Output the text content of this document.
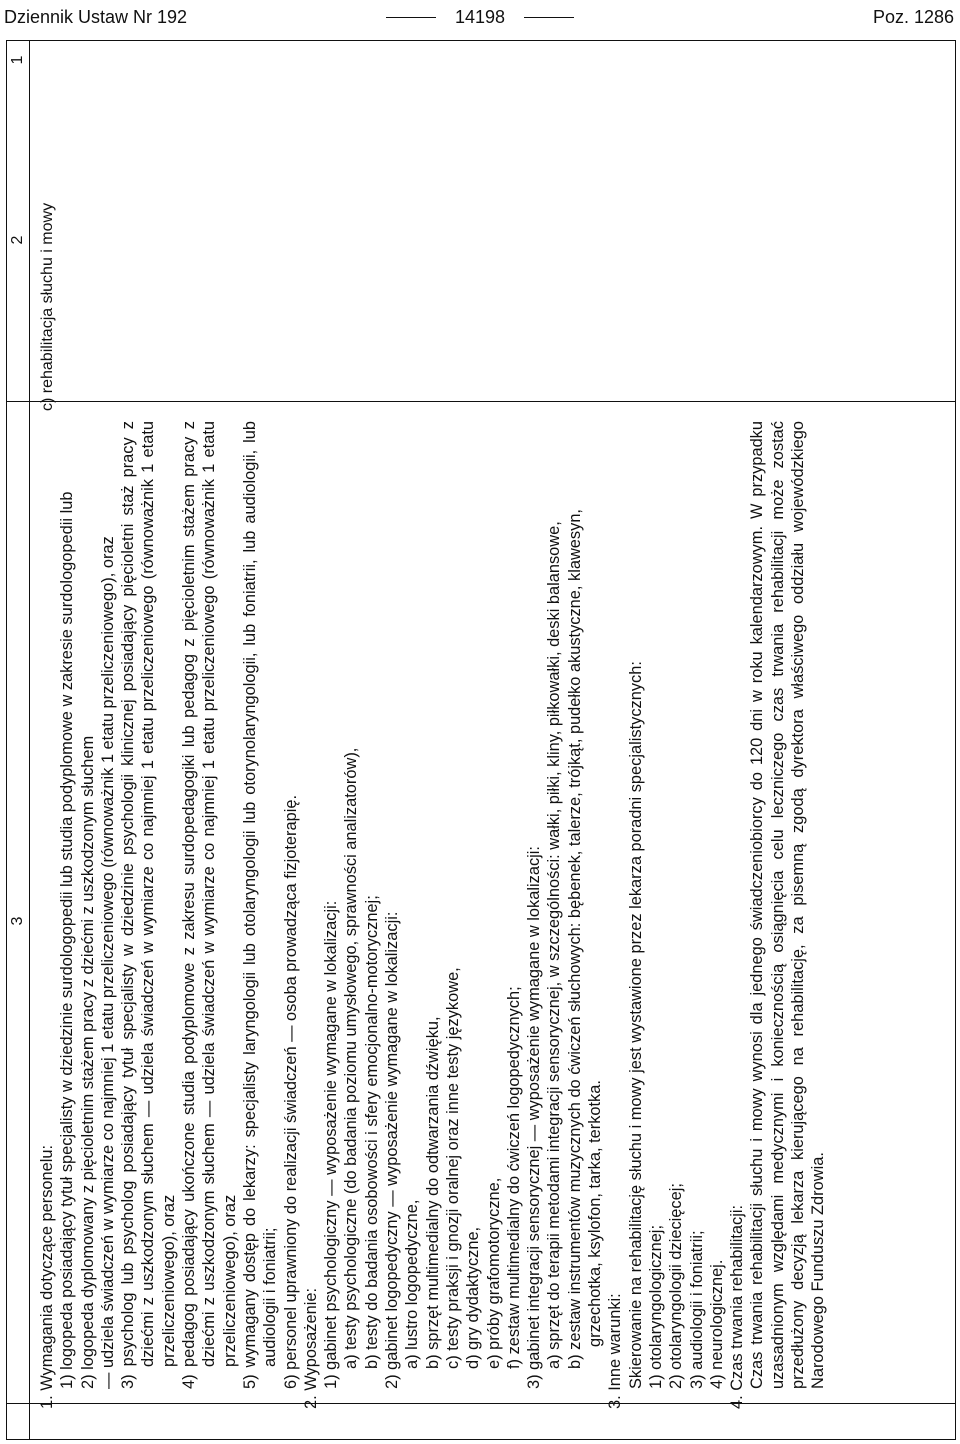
Dziennik Ustaw Nr 192	14198	Poz. 1286
1
2
3
c) rehabilitacja słuchu i mowy

1. Wymagania dotyczące personelu: 1) logopeda posiadający tytuł specjalisty w dziedzinie surdologopedii lub studia podyplomowe w zakresie surdologopedii lub 2) logopeda dyplomowany z pięcioletnim stażem pracy z dziećmi z uszkodzonym słuchem — udziela świadczeń w wymiarze co najmniej 1 etatu przeliczeniowego (równoważnik 1 etatu przeliczeniowego), oraz 3) psycholog lub psycholog posiadający tytuł specjalisty w dziedzinie psychologii klinicznej posiadający pięcioletni staż pracy z dziećmi z uszkodzonym słuchem — udziela świadczeń w wymiarze co najmniej 1 etatu przeliczeniowego (równoważnik 1 etatu przeliczeniowego), oraz 4) pedagog posiadający ukończone studia podyplomowe z zakresu surdopedagogiki lub pedagog z pięcioletnim stażem pracy z dziećmi z uszkodzonym słuchem — udziela świadczeń w wymiarze co najmniej 1 etatu przeliczeniowego (równoważnik 1 etatu przeliczeniowego), oraz 5) wymagany dostęp do lekarzy: specjalisty laryngologii lub otolaryngologii lub otorynolaryngologii, lub foniatrii, lub audiologii, lub audiologii i foniatrii; 6) personel uprawniony do realizacji świadczeń — osoba prowadząca fizjoterapię. 2. Wyposażenie: 1) gabinet psychologiczny — wyposażenie wymagane w lokalizacji: a) testy psychologiczne (do badania poziomu umysłowego, sprawności analizatorów), b) testy do badania osobowości i sfery emocjonalno-motorycznej; 2) gabinet logopedyczny — wyposażenie wymagane w lokalizacji: a) lustro logopedyczne, b) sprzęt multimedialny do odtwarzania dźwięku, c) testy praksji i gnozji oralnej oraz inne testy językowe, d) gry dydaktyczne, e) próby grafomotoryczne, f) zestaw multimedialny do ćwiczeń logopedycznych; 3) gabinet integracji sensorycznej — wyposażenie wymagane w lokalizacji: a) sprzęt do terapii metodami integracji sensorycznej, w szczególności: wałki, piłki, kliny, piłkowałki, deski balansowe, b) zestaw instrumentów muzycznych do ćwiczeń słuchowych: bębenek, talerze, trójkąt, pudełko akustyczne, klawesyn, grzechotka, ksylofon, tarka, terkotka.

3. Inne warunki: Skierowanie na rehabilitację słuchu i mowy jest wystawione przez lekarza poradni specjalistycznych: 1) otolaryngologicznej; 2) otolaryngologii dziecięcej; 3) audiologii i foniatrii; 4) neurologicznej. 4. Czas trwania rehabilitacji: Czas trwania rehabilitacji słuchu i mowy wynosi dla jednego świadczeniobiorcy do 120 dni w roku kalendarzowym. W przypadku uzasadnionym względami medycznymi i koniecznością osiągnięcia celu leczniczego czas trwania rehabilitacji może zostać przedłużony decyzją lekarza kierującego na rehabilitację, za pisemną zgodą dyrektora właściwego oddziału wojewódzkiego Narodowego Funduszu Zdrowia.
